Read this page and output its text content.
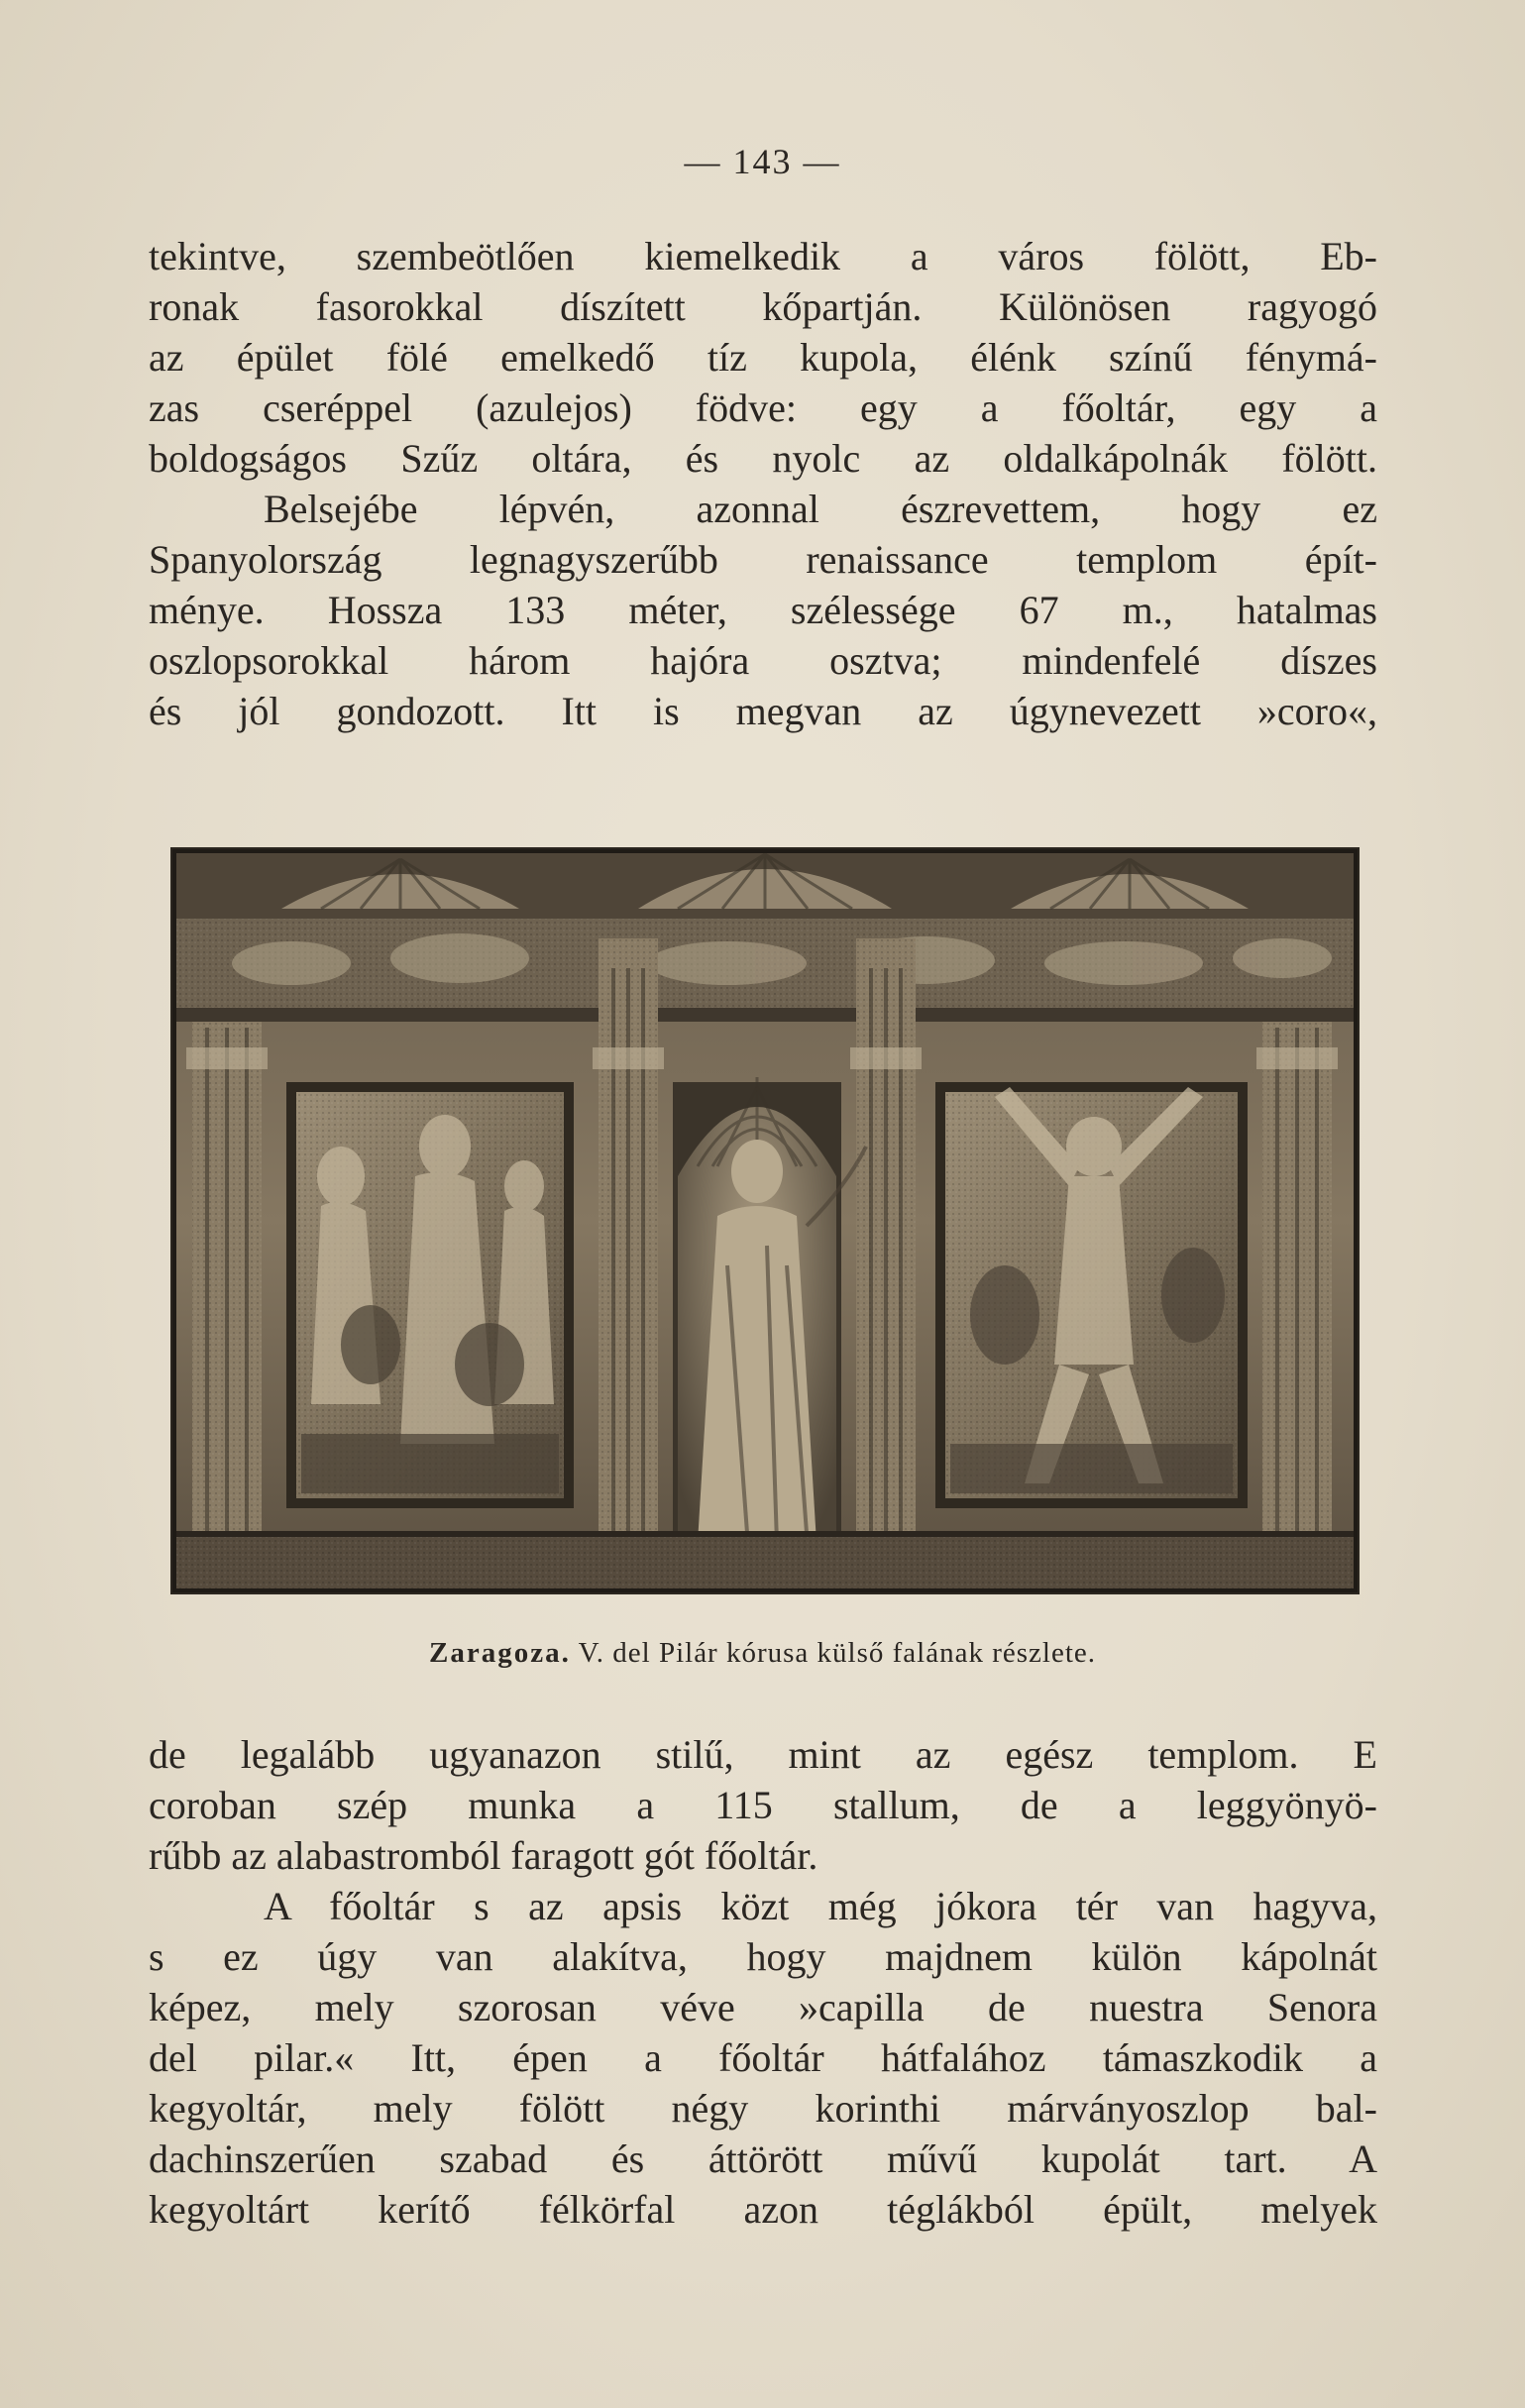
— 143 —
tekintve, szembeötlően kiemelkedik a város fölött, Eb-
ronak fasorokkal díszített kőpartján. Különösen ragyogó
az épület fölé emelkedő tíz kupola, élénk színű fénymá-
zas cseréppel (azulejos) födve: egy a főoltár, egy a
boldogságos Szűz oltára, és nyolc az oldalkápolnák fölött.
Belsejébe lépvén, azonnal észrevettem, hogy ez
Spanyolország legnagyszerűbb renaissance templom épít-
ménye. Hossza 133 méter, szélessége 67 m., hatalmas
oszlopsorokkal három hajóra osztva; mindenfelé díszes
és jól gondozott. Itt is megvan az úgynevezett »coro«,
Zaragoza. V. del Pilár kórusa külső falának részlete.
de legalább ugyanazon stilű, mint az egész templom. E
coroban szép munka a 115 stallum, de a leggyönyö-
rűbb az alabastromból faragott gót főoltár.
A főoltár s az apsis közt még jókora tér van hagyva,
s ez úgy van alakítva, hogy majdnem külön kápolnát
képez, mely szorosan véve »capilla de nuestra Senora
del pilar.« Itt, épen a főoltár hátfalához támaszkodik a
kegyoltár, mely fölött négy korinthi márványoszlop bal-
dachinszerűen szabad és áttörött művű kupolát tart. A
kegyoltárt kerítő félkörfal azon téglákból épült, melyek
